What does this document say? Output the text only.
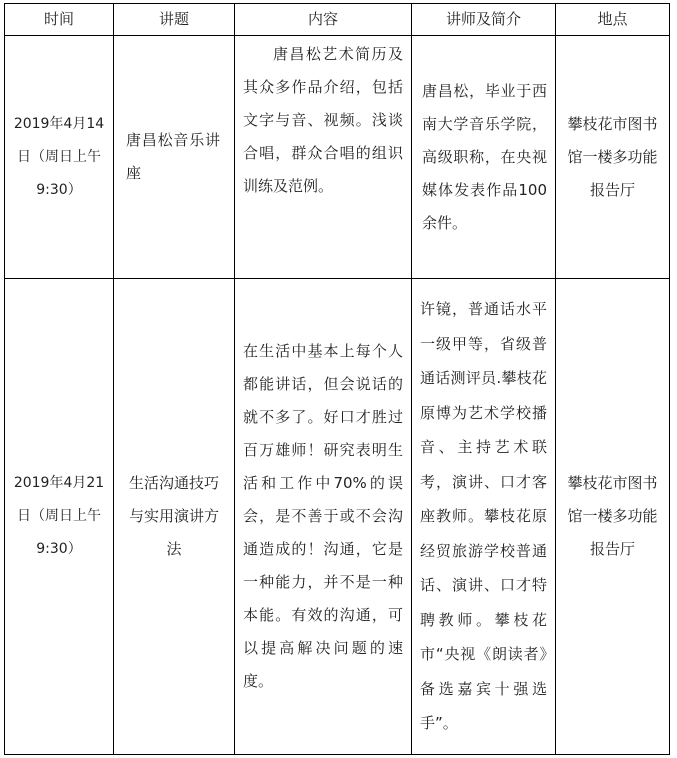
时间	讲题	内容	讲师及简介	地点

2019年4月14日（周日上午9:30）	唐昌松音乐讲座	唐昌松艺术简历及其众多作品介绍，包括文字与音、视频。浅谈合唱，群众合唱的组识训练及范例。	唐昌松，毕业于西南大学音乐学院，高级职称，在央视媒体发表作品100余件。	攀枝花市图书馆一楼多功能报告厅

2019年4月21日（周日上午9:30）	生活沟通技巧与实用演讲方法	在生活中基本上每个人都能讲话，但会说话的就不多了。好口才胜过百万雄师！研究表明生活和工作中70%的误会，是不善于或不会沟通造成的！沟通，它是一种能力，并不是一种本能。有效的沟通，可以提高解决问题的速度。	许镜，普通话水平一级甲等，省级普通话测评员.攀枝花原博为艺术学校播音、主持艺术联考，演讲、口才客座教师。攀枝花原经贸旅游学校普通话、演讲、口才特聘教师。攀枝花市“央视《朗读者》备选嘉宾十强选手”。	攀枝花市图书馆一楼多功能报告厅
